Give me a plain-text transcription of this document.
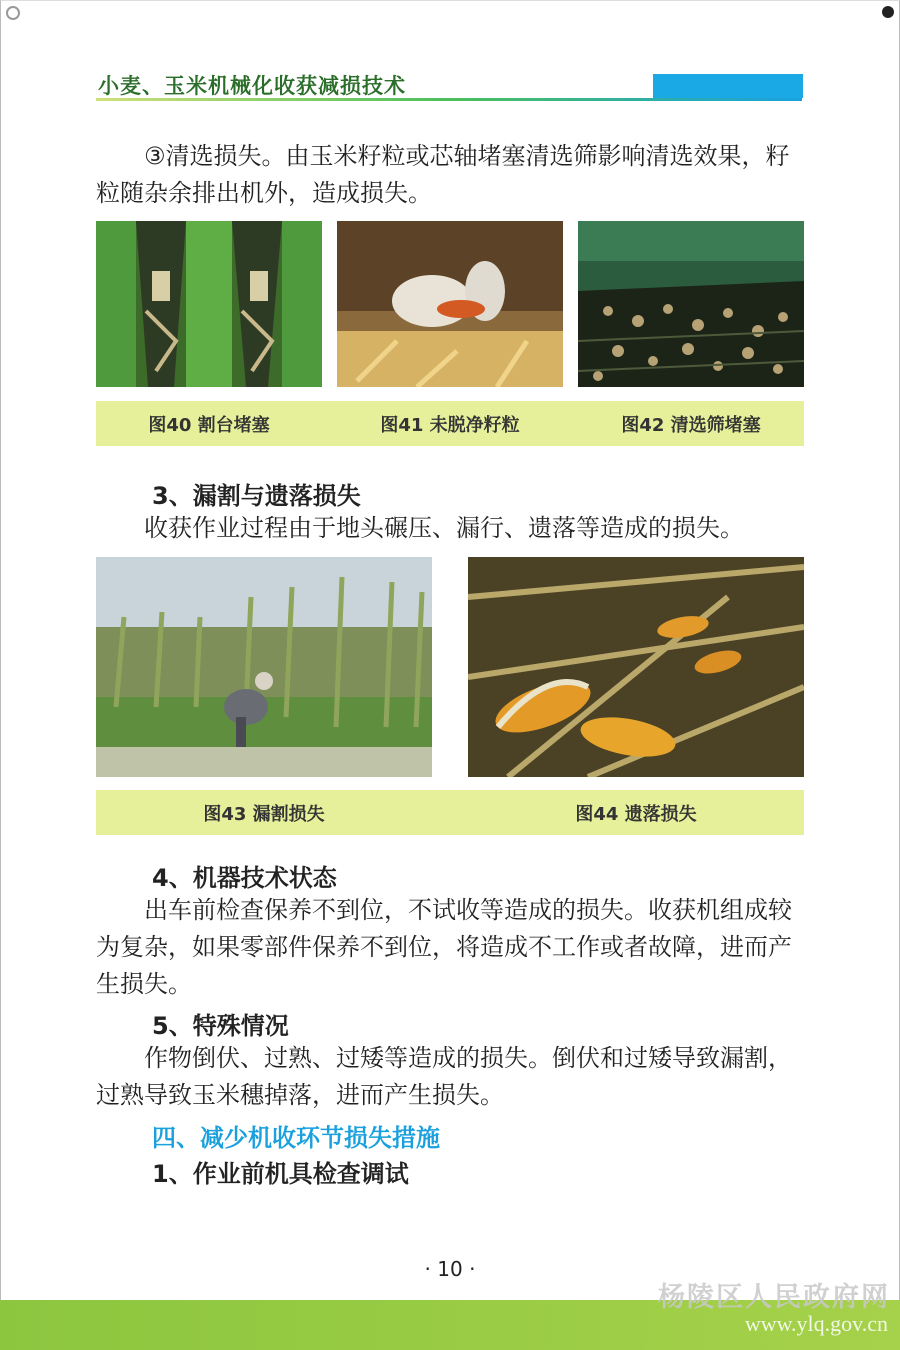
小麦、玉米机械化收获减损技术

③清选损失。由玉米籽粒或芯轴堵塞清选筛影响清选效果，籽粒随杂余排出机外，造成损失。

图40 割台堵塞	图41 未脱净籽粒	图42 清选筛堵塞
3、漏割与遗落损失

收获作业过程由于地头碾压、漏行、遗落等造成的损失。

图43 漏割损失	图44 遗落损失
4、机器技术状态

出车前检查保养不到位，不试收等造成的损失。收获机组成较为复杂，如果零部件保养不到位，将造成不工作或者故障，进而产生损失。

5、特殊情况

作物倒伏、过熟、过矮等造成的损失。倒伏和过矮导致漏割，过熟导致玉米穗掉落，进而产生损失。

四、减少机收环节损失措施
1、作业前机具检查调试
· 10 ·
杨陵区人民政府网
www.ylq.gov.cn
